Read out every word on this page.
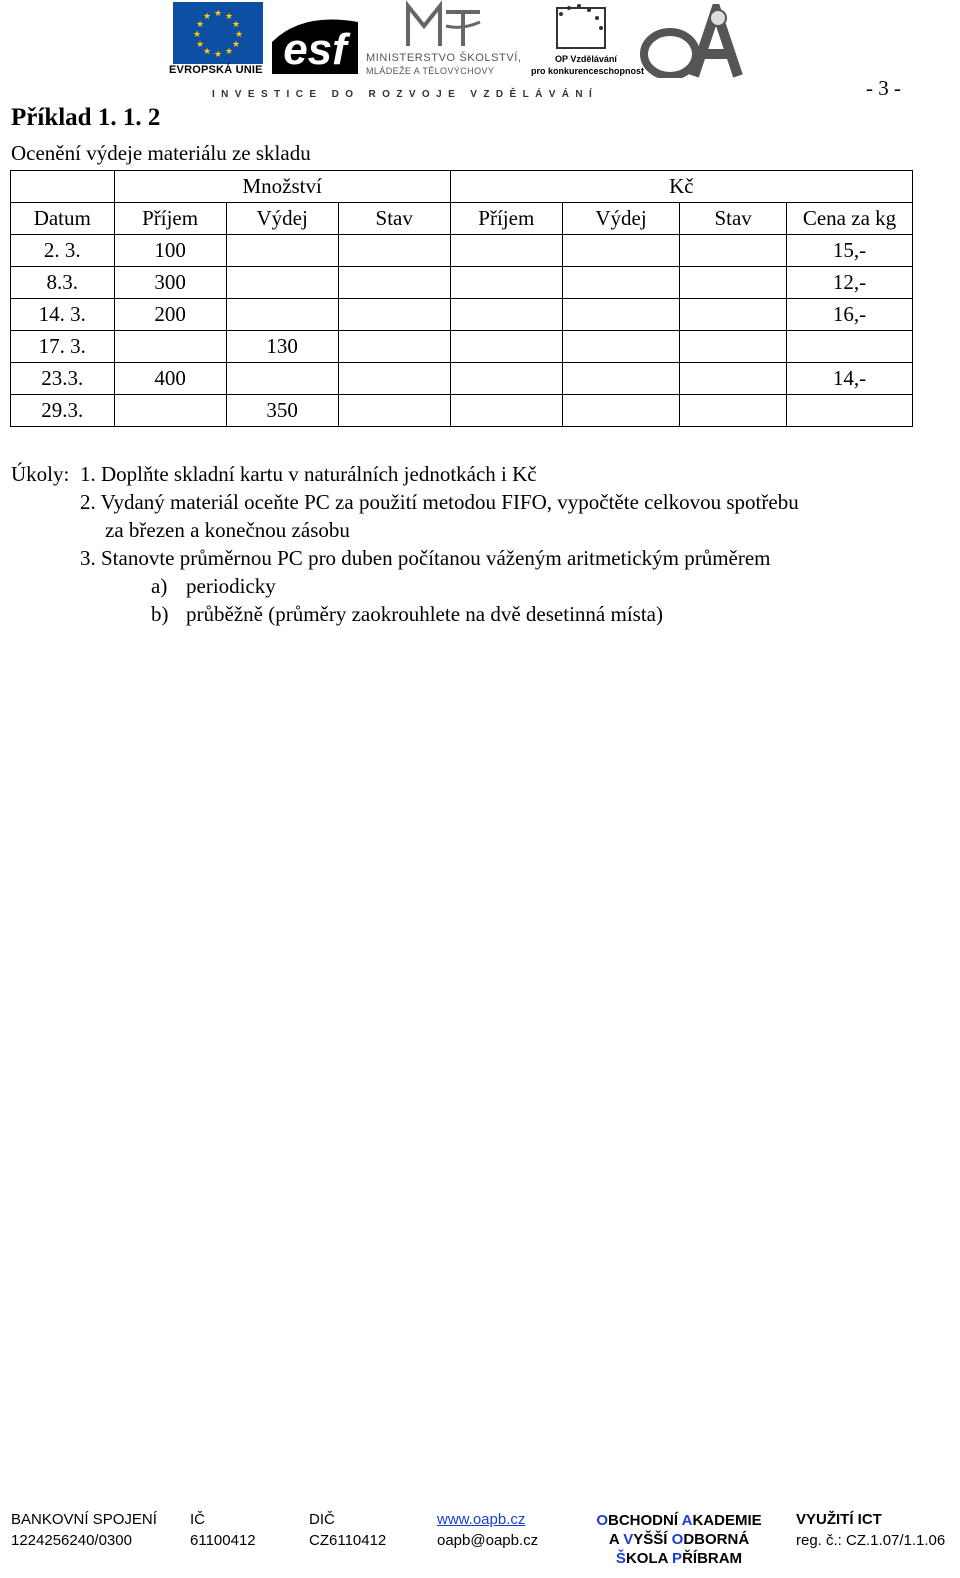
★ ★
★
★
★
★
★
★
★
★
★
★
EVROPSKÁ UNIE esf	MINISTERSTVO ŠKOLSTVÍ,
MLÁDEŽE A TĚLOVÝCHOVY
OP Vzdělávání
pro konkurenceschopnost
INVESTICE DO ROZVOJE VZDĚLÁVÁNÍ	- 3 -
Příklad 1. 1. 2
Ocenění výdeje materiálu ze skladu
	Množství			Kč			
Datum	Příjem	Výdej	Stav	Příjem	Výdej	Stav	Cena za kg
2. 3.	100						15,-
8.3.	300						12,-
14. 3.	200						16,-
17. 3.		130					
23.3.	400						14,-
29.3.		350					
Úkoly: 1. Doplňte skladní kartu v naturálních jednotkách i Kč
2. Vydaný materiál oceňte PC za použití metodou FIFO, vypočtěte celkovou spotřebu
za březen a konečnou zásobu
3. Stanovte průměrnou PC pro duben počítanou váženým aritmetickým průměrem
a) periodicky
b) průběžně (průměry zaokrouhlete na dvě desetinná místa)
BANKOVNÍ SPOJENÍ
1224256240/0300
IČ
61100412
DIČ
CZ6110412
www.oapb.cz
oapb@oapb.cz
OBCHODNÍ AKADEMIE
A VYŠŠÍ ODBORNÁ
ŠKOLA PŘÍBRAM
VYUŽITÍ ICT
reg. č.: CZ.1.07/1.1.06
